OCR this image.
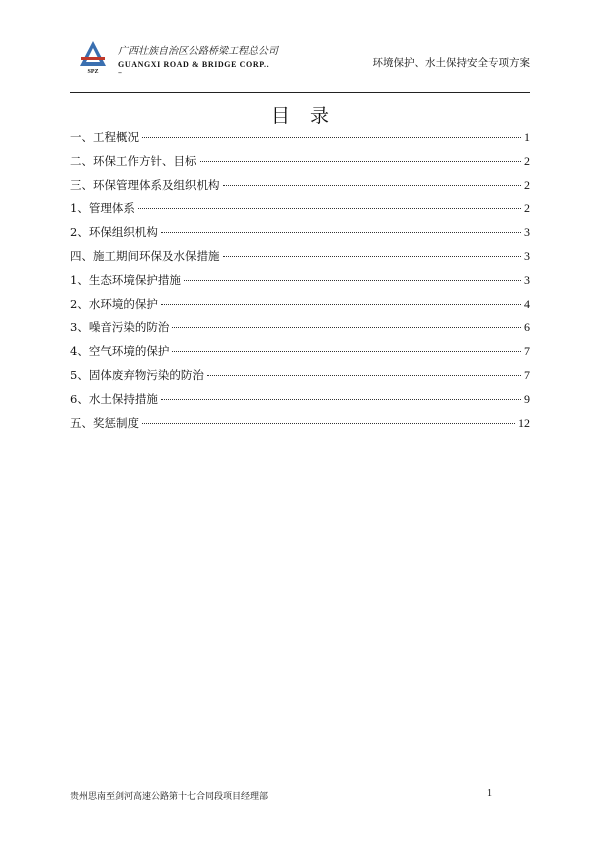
SPZ
广西壮族自治区公路桥梁工程总公司
GUANGXI ROAD & BRIDGE CORP..
–
环境保护、水土保持安全专项方案
目录
一、工程概况	1
二、环保工作方针、目标	2
三、环保管理体系及组织机构	2
1、管理体系	2
2、环保组织机构	3
四、施工期间环保及水保措施	3
1、生态环境保护措施	3
2、水环境的保护	4
3、噪音污染的防治	6
4、空气环境的保护	7
5、固体废弃物污染的防治	7
6、水土保持措施	9
五、奖惩制度	12
贵州思南至剑河高速公路第十七合同段项目经理部	1
